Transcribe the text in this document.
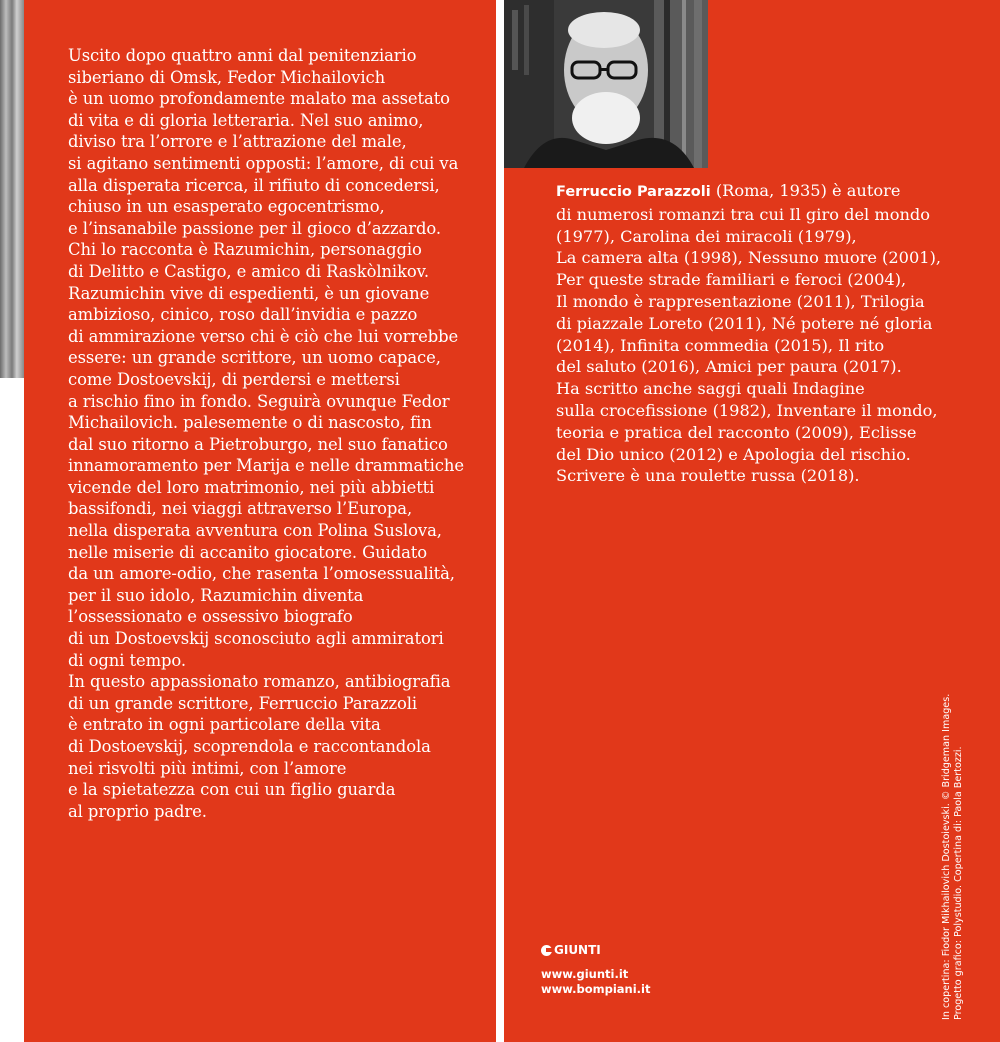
Uscito dopo quattro anni dal penitenziario
siberiano di Omsk, Fedor Michailovich
è un uomo profondamente malato ma assetato
di vita e di gloria letteraria. Nel suo animo,
diviso tra l’orrore e l’attrazione del male,
si agitano sentimenti opposti: l’amore, di cui va
alla disperata ricerca, il rifiuto di concedersi,
chiuso in un esasperato egocentrismo,
e l’insanabile passione per il gioco d’azzardo.
Chi lo racconta è Razumichin, personaggio
di Delitto e Castigo, e amico di Raskòlnikov.
Razumichin vive di espedienti, è un giovane
ambizioso, cinico, roso dall’invidia e pazzo
di ammirazione verso chi è ciò che lui vorrebbe
essere: un grande scrittore, un uomo capace,
come Dostoevskij, di perdersi e mettersi
a rischio fino in fondo. Seguirà ovunque Fedor
Michailovich. palesemente o di nascosto, fin
dal suo ritorno a Pietroburgo, nel suo fanatico
innamoramento per Marija e nelle drammatiche
vicende del loro matrimonio, nei più abbietti
bassifondi, nei viaggi attraverso l’Europa,
nella disperata avventura con Polina Suslova,
nelle miserie di accanito giocatore. Guidato
da un amore-odio, che rasenta l’omosessualità,
per il suo idolo, Razumichin diventa
l’ossessionato e ossessivo biografo
di un Dostoevskij sconosciuto agli ammiratori
di ogni tempo.
In questo appassionato romanzo, antibiografia
di un grande scrittore, Ferruccio Parazzoli
è entrato in ogni particolare della vita
di Dostoevskij, scoprendola e raccontandola
nei risvolti più intimi, con l’amore
e la spietatezza con cui un figlio guarda
al proprio padre.
Ferruccio Parazzoli (Roma, 1935) è autore
di numerosi romanzi tra cui Il giro del mondo
(1977), Carolina dei miracoli (1979),
La camera alta (1998), Nessuno muore (2001),
Per queste strade familiari e feroci (2004),
Il mondo è rappresentazione (2011), Trilogia
di piazzale Loreto (2011), Né potere né gloria
(2014), Infinita commedia (2015), Il rito
del saluto (2016), Amici per paura (2017).
Ha scritto anche saggi quali Indagine
sulla crocefissione (1982), Inventare il mondo,
teoria e pratica del racconto (2009), Eclisse
del Dio unico (2012) e Apologia del rischio.
Scrivere è una roulette russa (2018).
GIUNTI
www.giunti.it
www.bompiani.it	In copertina: Fiodor Mikhailovich Dostoievski. © Bridgeman Images. Progetto grafico: Polystudio. Copertina di: Paola Bertozzi.
